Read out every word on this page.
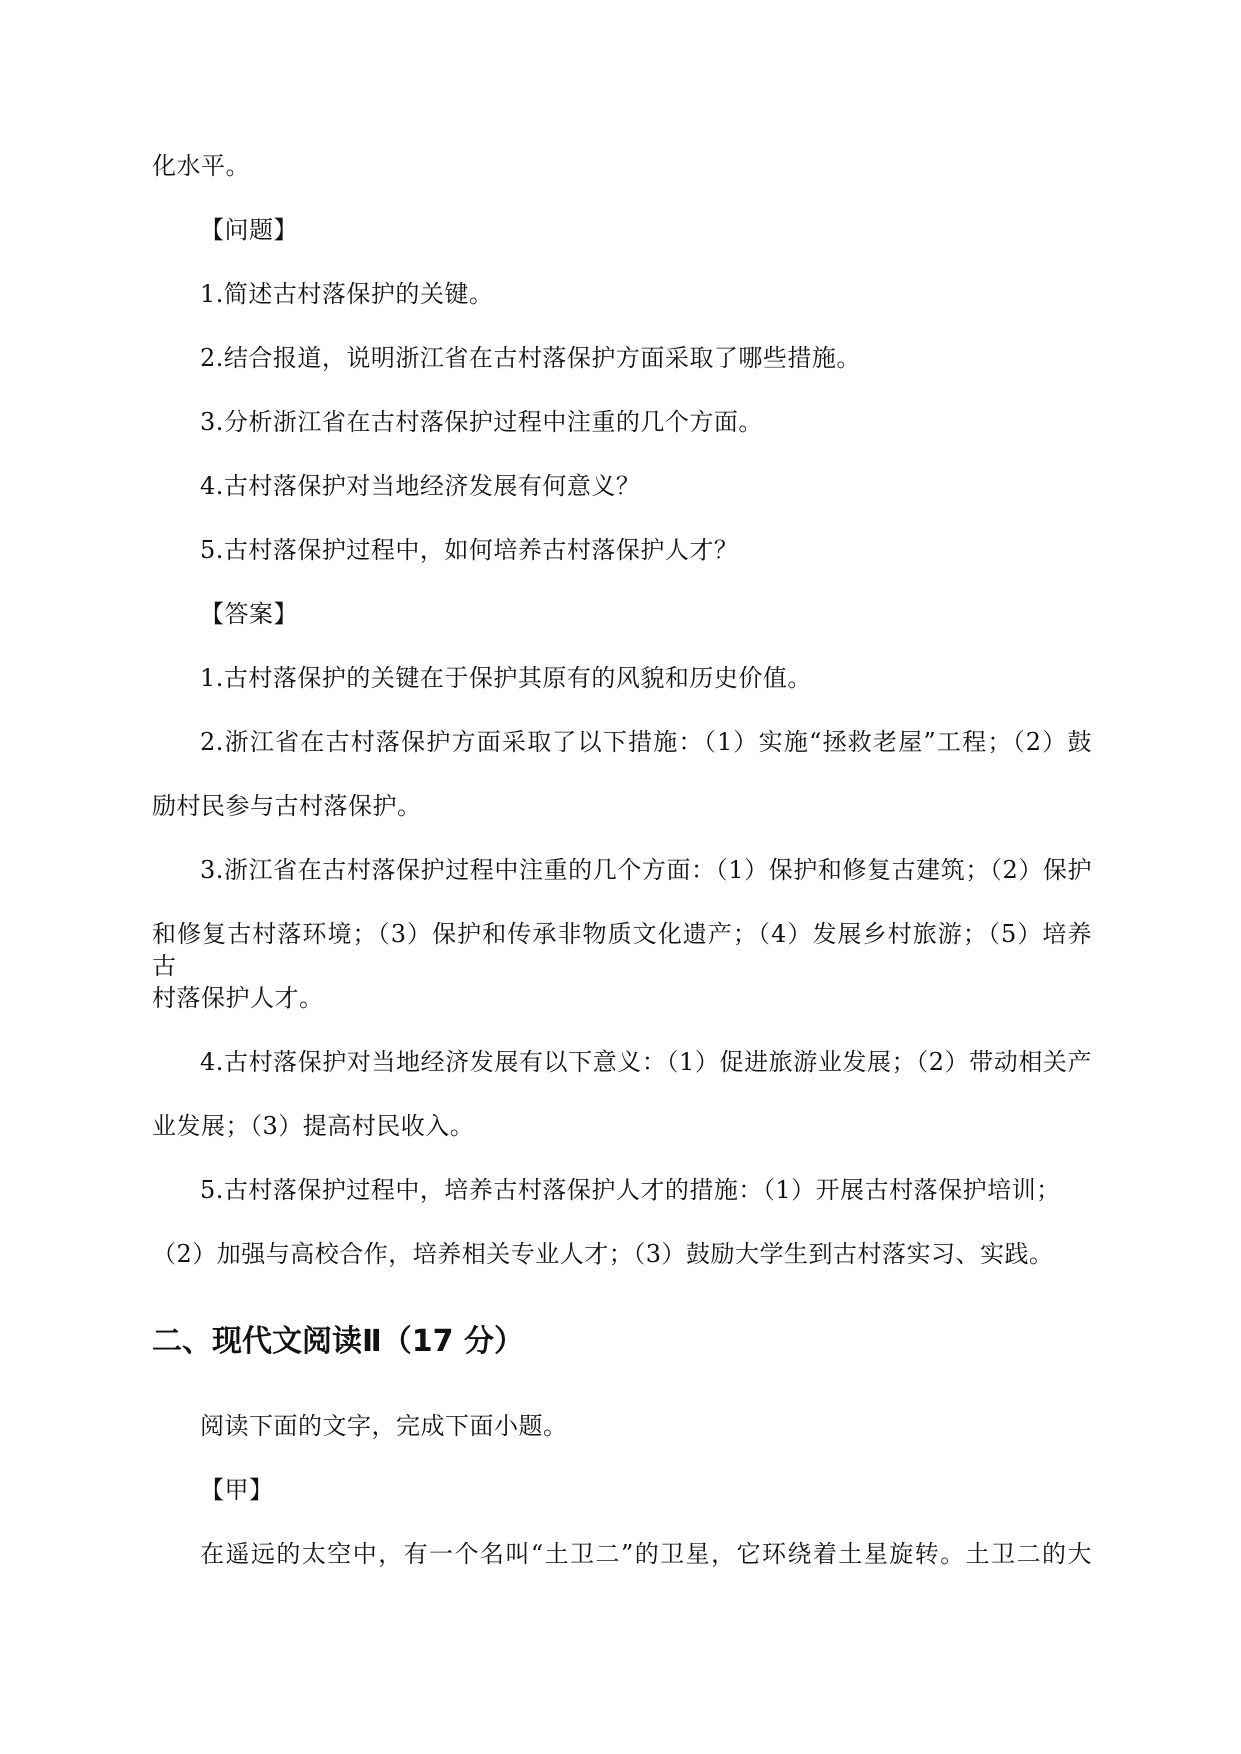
化水平。
【问题】
1.简述古村落保护的关键。
2.结合报道，说明浙江省在古村落保护方面采取了哪些措施。
3.分析浙江省在古村落保护过程中注重的几个方面。
4.古村落保护对当地经济发展有何意义？
5.古村落保护过程中，如何培养古村落保护人才？
【答案】
1.古村落保护的关键在于保护其原有的风貌和历史价值。
2.浙江省在古村落保护方面采取了以下措施：（1）实施“拯救老屋”工程；（2）鼓
励村民参与古村落保护。
3.浙江省在古村落保护过程中注重的几个方面：（1）保护和修复古建筑；（2）保护
和修复古村落环境；（3）保护和传承非物质文化遗产；（4）发展乡村旅游；（5）培养古
村落保护人才。
4.古村落保护对当地经济发展有以下意义：（1）促进旅游业发展；（2）带动相关产
业发展；（3）提高村民收入。
5.古村落保护过程中，培养古村落保护人才的措施：（1）开展古村落保护培训；
（2）加强与高校合作，培养相关专业人才；（3）鼓励大学生到古村落实习、实践。
二、现代文阅读Ⅱ（17 分）
阅读下面的文字，完成下面小题。
【甲】
在遥远的太空中，有一个名叫“土卫二”的卫星，它环绕着土星旋转。土卫二的大
